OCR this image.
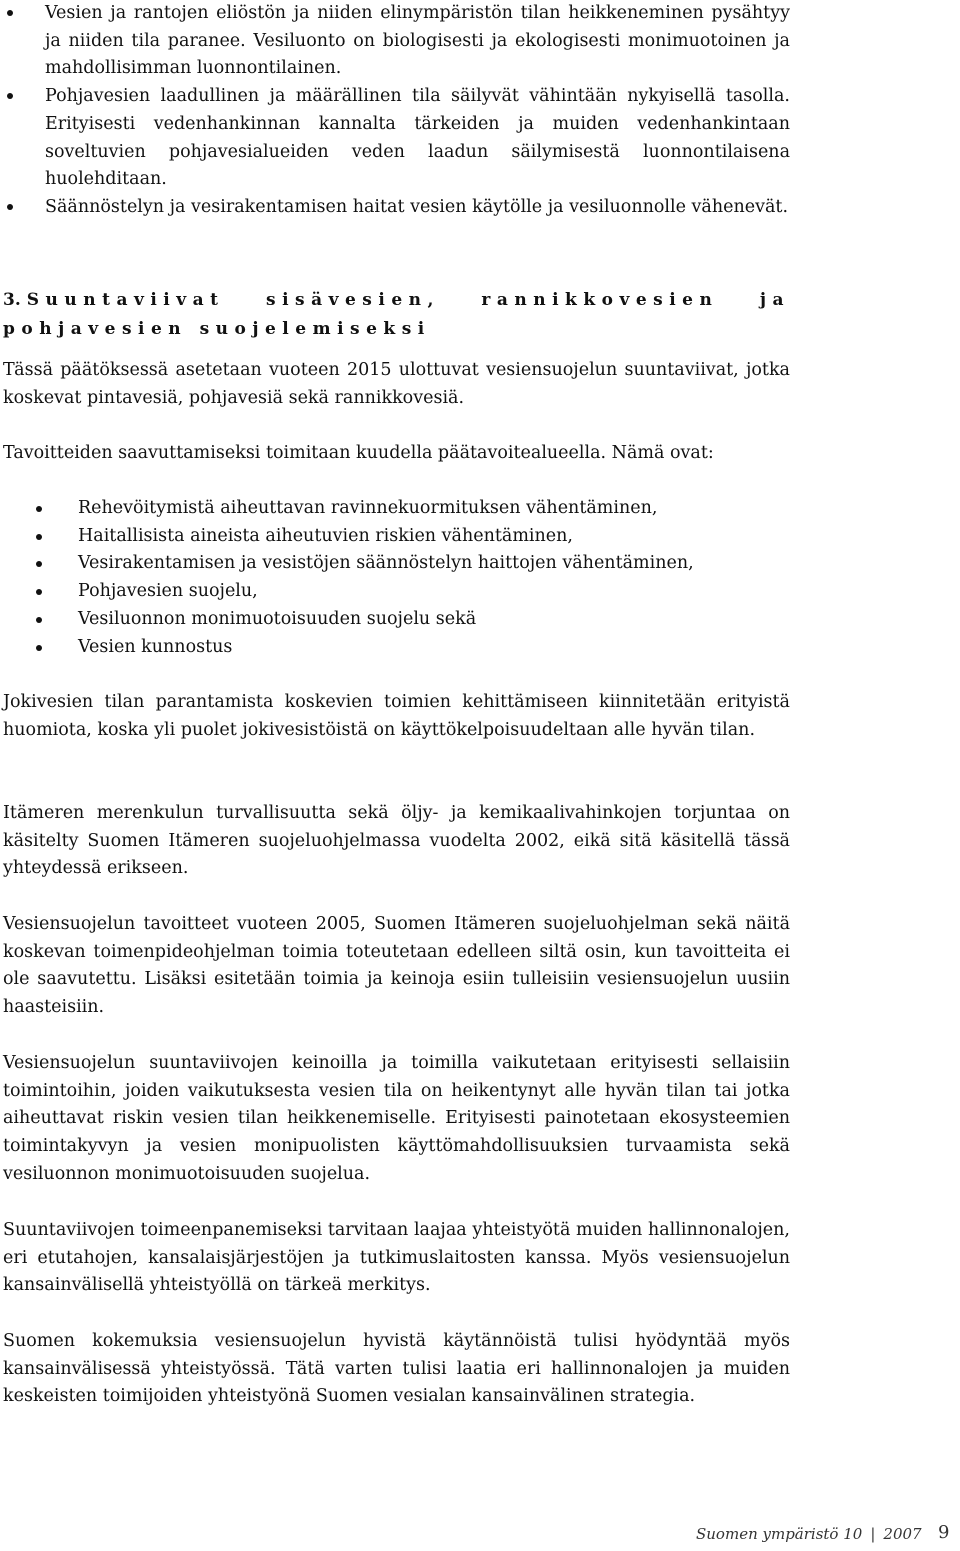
Vesien ja rantojen eliöstön ja niiden elinympäristön tilan heikkeneminen pysähtyy ja niiden tila paranee. Vesiluonto on biologisesti ja ekologisesti monimuotoinen ja mahdollisimman luonnontilainen.
Pohjavesien laadullinen ja määrällinen tila säilyvät vähintään nykyisellä tasolla. Erityisesti vedenhankinnan kannalta tärkeiden ja muiden vedenhankintaan soveltuvien pohjavesialueiden veden laadun säilymisestä luonnontilaisena huolehditaan.
Säännöstelyn ja vesirakentamisen haitat vesien käytölle ja vesiluonnolle vähenevät.
3. Suuntaviivat sisävesien, rannikkovesien ja pohjavesien suojelemiseksi

Tässä päätöksessä asetetaan vuoteen 2015 ulottuvat vesiensuojelun suuntaviivat, jotka koskevat pintavesiä, pohjavesiä sekä rannikkovesiä.

Tavoitteiden saavuttamiseksi toimitaan kuudella päätavoitealueella. Nämä ovat:

Rehevöitymistä aiheuttavan ravinnekuormituksen vähentäminen,
Haitallisista aineista aiheutuvien riskien vähentäminen,
Vesirakentamisen ja vesistöjen säännöstelyn haittojen vähentäminen,
Pohjavesien suojelu,
Vesiluonnon monimuotoisuuden suojelu sekä
Vesien kunnostus

Jokivesien tilan parantamista koskevien toimien kehittämiseen kiinnitetään erityistä huomiota, koska yli puolet jokivesistöistä on käyttökelpoisuudeltaan alle hyvän tilan.

Itämeren merenkulun turvallisuutta sekä öljy- ja kemikaalivahinkojen torjuntaa on käsitelty Suomen Itämeren suojeluohjelmassa vuodelta 2002, eikä sitä käsitellä tässä yhteydessä erikseen.

Vesiensuojelun tavoitteet vuoteen 2005, Suomen Itämeren suojeluohjelman sekä näitä koskevan toimenpideohjelman toimia toteutetaan edelleen siltä osin, kun tavoitteita ei ole saavutettu. Lisäksi esitetään toimia ja keinoja esiin tulleisiin vesiensuojelun uusiin haasteisiin.

Vesiensuojelun suuntaviivojen keinoilla ja toimilla vaikutetaan erityisesti sellaisiin toimintoihin, joiden vaikutuksesta vesien tila on heikentynyt alle hyvän tilan tai jotka aiheuttavat riskin vesien tilan heikkenemiselle. Erityisesti painotetaan ekosysteemien toimintakyvyn ja vesien monipuolisten käyttömahdollisuuksien turvaamista sekä vesiluonnon monimuotoisuuden suojelua.

Suuntaviivojen toimeenpanemiseksi tarvitaan laajaa yhteistyötä muiden hallinnonalojen, eri etutahojen, kansalaisjärjestöjen ja tutkimuslaitosten kanssa. Myös vesiensuojelun kansainvälisellä yhteistyöllä on tärkeä merkitys.

Suomen kokemuksia vesiensuojelun hyvistä käytännöistä tulisi hyödyntää myös kansainvälisessä yhteistyössä. Tätä varten tulisi laatia eri hallinnonalojen ja muiden keskeisten toimijoiden yhteistyönä Suomen vesialan kansainvälinen strategia.

Suomen ympäristö 10 | 2007 9
